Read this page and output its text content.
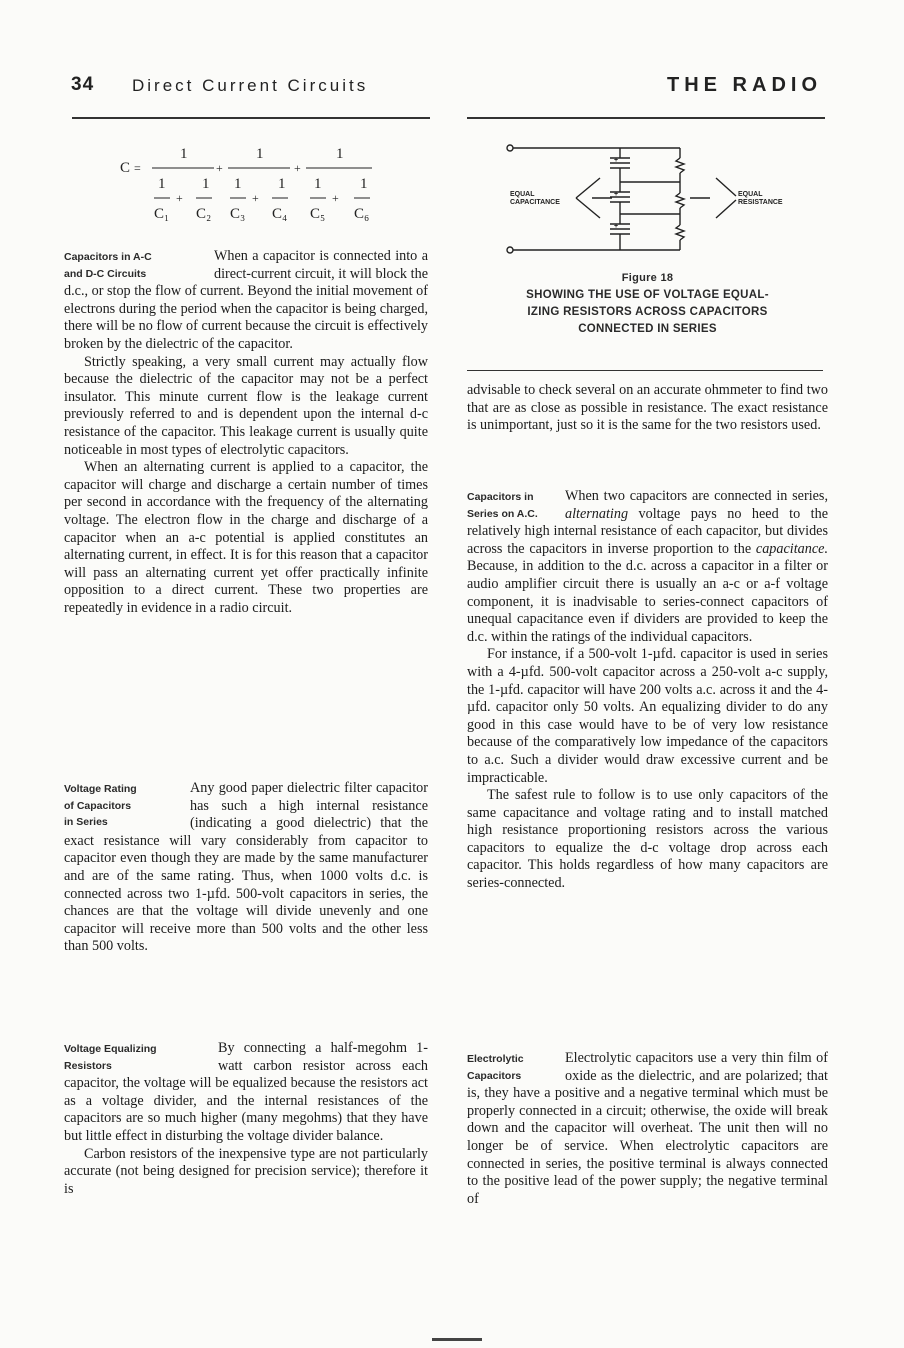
34 Direct Current Circuits	THE RADIO
C =
1	1	1
+	+
1 1
+
C₁ C₂
1 1
+
C₃ C₄
1	1
+
C₅ C₆
+
+
+
EQUAL
CAPACITANCE
EQUAL
RESISTANCE
Figure 18
SHOWING THE USE OF VOLTAGE EQUAL-
IZING RESISTORS ACROSS CAPACITORS
CONNECTED IN SERIES
Capacitors in A-C
and D-C Circuits

When a capacitor is connected into a direct-current circuit, it will block the d.c., or stop the flow of current. Beyond the initial movement of electrons during the period when the capacitor is being charged, there will be no flow of current because the circuit is effectively broken by the dielectric of the capacitor.

Strictly speaking, a very small current may actually flow because the dielectric of the capacitor may not be a perfect insulator. This minute current flow is the leakage current previously referred to and is dependent upon the internal d-c resistance of the capacitor. This leakage current is usually quite noticeable in most types of electrolytic capacitors.

When an alternating current is applied to a capacitor, the capacitor will charge and discharge a certain number of times per second in accordance with the frequency of the alternating voltage. The electron flow in the charge and discharge of a capacitor when an a-c potential is applied constitutes an alternating current, in effect. It is for this reason that a capacitor will pass an alternating current yet offer practically infinite opposition to a direct current. These two properties are repeatedly in evidence in a radio circuit.

Voltage Rating
of Capacitors
in Series

Any good paper dielectric filter capacitor has such a high internal resistance (indicating a good dielectric) that the exact resistance will vary considerably from capacitor to capacitor even though they are made by the same manufacturer and are of the same rating. Thus, when 1000 volts d.c. is connected across two 1-µfd. 500-volt capacitors in series, the chances are that the voltage will divide unevenly and one capacitor will receive more than 500 volts and the other less than 500 volts.

Voltage Equalizing
Resistors

By connecting a half-megohm 1-watt carbon resistor across each capacitor, the voltage will be equalized because the resistors act as a voltage divider, and the internal resistances of the capacitors are so much higher (many megohms) that they have but little effect in disturbing the voltage divider balance.

Carbon resistors of the inexpensive type are not particularly accurate (not being designed for precision service); therefore it is

advisable to check several on an accurate ohmmeter to find two that are as close as possible in resistance. The exact resistance is unimportant, just so it is the same for the two resistors used.

Capacitors in
Series on A.C.

When two capacitors are connected in series, alternating voltage pays no heed to the relatively high internal resistance of each capacitor, but divides across the capacitors in inverse proportion to the capacitance. Because, in addition to the d.c. across a capacitor in a filter or audio amplifier circuit there is usually an a-c or a-f voltage component, it is inadvisable to series-connect capacitors of unequal capacitance even if dividers are provided to keep the d.c. within the ratings of the individual capacitors.

For instance, if a 500-volt 1-µfd. capacitor is used in series with a 4-µfd. 500-volt capacitor across a 250-volt a-c supply, the 1-µfd. capacitor will have 200 volts a.c. across it and the 4-µfd. capacitor only 50 volts. An equalizing divider to do any good in this case would have to be of very low resistance because of the comparatively low impedance of the capacitors to a.c. Such a divider would draw excessive current and be impracticable.

The safest rule to follow is to use only capacitors of the same capacitance and voltage rating and to install matched high resistance proportioning resistors across the various capacitors to equalize the d-c voltage drop across each capacitor. This holds regardless of how many capacitors are series-connected.

Electrolytic
Capacitors

Electrolytic capacitors use a very thin film of oxide as the dielectric, and are polarized; that is, they have a positive and a negative terminal which must be properly connected in a circuit; otherwise, the oxide will break down and the capacitor will overheat. The unit then will no longer be of service. When electrolytic capacitors are connected in series, the positive terminal is always connected to the positive lead of the power supply; the negative terminal of
